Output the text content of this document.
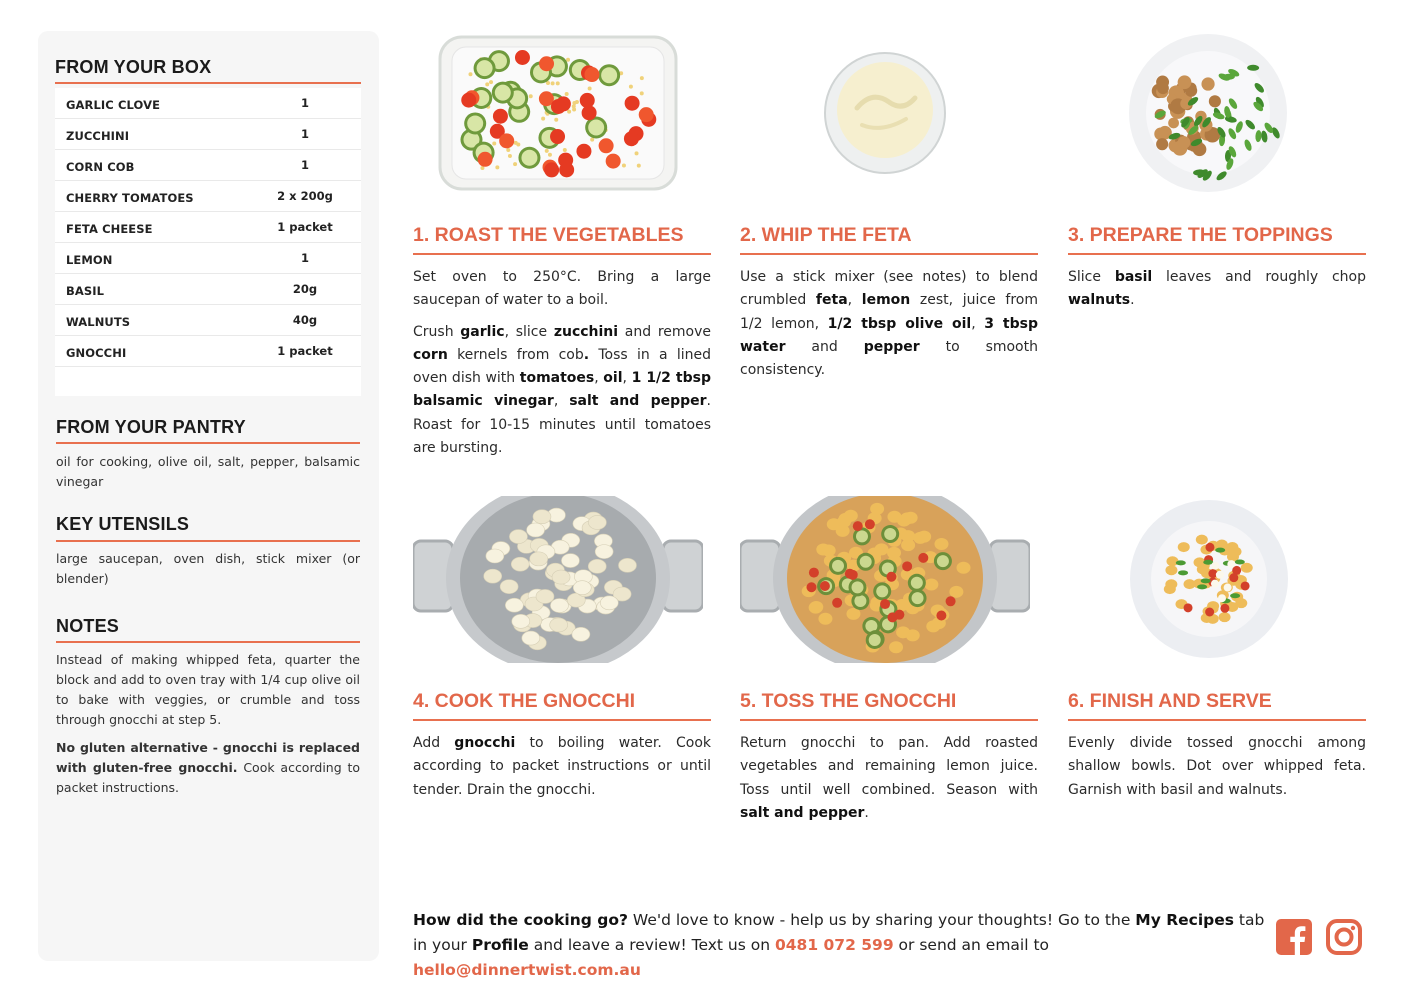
FROM YOUR BOX
GARLIC CLOVE	1
ZUCCHINI	1
CORN COB	1
CHERRY TOMATOES	2 x 200g
FETA CHEESE	1 packet
LEMON	1
BASIL	20g
WALNUTS	40g
GNOCCHI	1 packet
FROM YOUR PANTRY
oil for cooking, olive oil, salt, pepper, balsamic vinegar
KEY UTENSILS
large saucepan, oven dish, stick mixer (or blender)
NOTES
Instead of making whipped feta, quarter the block and add to oven tray with 1/4 cup olive oil to bake with veggies, or crumble and toss through gnocchi at step 5.
No gluten alternative - gnocchi is replaced with gluten-free gnocchi. Cook according to packet instructions.
1. ROAST THE VEGETABLES	2. WHIP THE FETA	3. PREPARE THE TOPPINGS
4. COOK THE GNOCCHI	5. TOSS THE GNOCCHI	6. FINISH AND SERVE

Set oven to 250°C. Bring a large saucepan of water to a boil.

Crush garlic, slice zucchini and remove corn kernels from cob. Toss in a lined oven dish with tomatoes, oil, 1 1/2 tbsp balsamic vinegar, salt and pepper. Roast for 10-15 minutes until tomatoes are bursting.

Use a stick mixer (see notes) to blend crumbled feta, lemon zest, juice from 1/2 lemon, 1/2 tbsp olive oil, 3 tbsp water and pepper to smooth consistency.

Slice basil leaves and roughly chop walnuts.

Add gnocchi to boiling water. Cook according to packet instructions or until tender. Drain the gnocchi.

Return gnocchi to pan. Add roasted vegetables and remaining lemon juice. Toss until well combined. Season with salt and pepper.

Evenly divide tossed gnocchi among shallow bowls. Dot over whipped feta. Garnish with basil and walnuts.

How did the cooking go? We'd love to know - help us by sharing your thoughts! Go to the My Recipes tab in your Profile and leave a review! Text us on 0481 072 599 or send an email to hello@dinnertwist.com.au
